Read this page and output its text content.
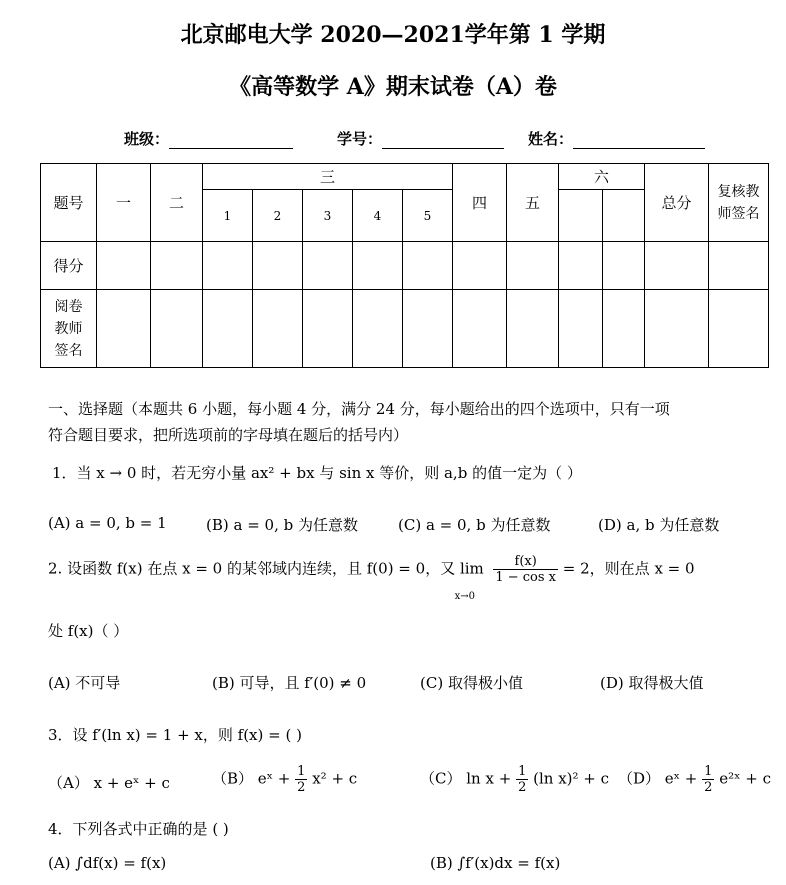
北京邮电大学 2020—2021学年第 1 学期
《高等数学 A》期末试卷（A）卷
班级：	学号：	姓名：
题号	一	二	三					四	五	六		总分	复核教师签名
			1	2	3	4	5						
得分													
阅卷教师签名													
一、选择题（本题共 6 小题，每小题 4 分，满分 24 分，每小题给出的四个选项中，只有一项
符合题目要求，把所选项前的字母填在题后的括号内）
1．当 x → 0 时，若无穷小量 ax² + bx 与 sin x 等价，则 a,b 的值一定为（ ）
(A) a = 0, b = 1	(B) a = 0, b 为任意数	(C) a = 0, b 为任意数	(D) a, b 为任意数
2. 设函数 f(x) 在点 x = 0 的某邻域内连续，且 f(0) = 0，又 lim
x→0

$\frac{f(x)}{\text{1 − cos x}} = 2$，则在点 x = 0
处 f(x)（ ）
(A) 不可导	(B) 可导，且 f′(0) ≠ 0	(C) 取得极小值	(D) 取得极大值
3．设 f′(ln x) = 1 + x，则 f(x) = ( )
（A） x + eˣ + c	（B） eˣ + $\frac{1}{2} x^2 + c$	（C） $\ln x + \frac{1}{2} (\ln$ x)² + c （D） eˣ + $\frac{1}{2}$ e²ˣ + c
4．下列各式中正确的是 ( )
(A) ∫df(x) = f(x)	(B) ∫f′(x)dx = f(x)
